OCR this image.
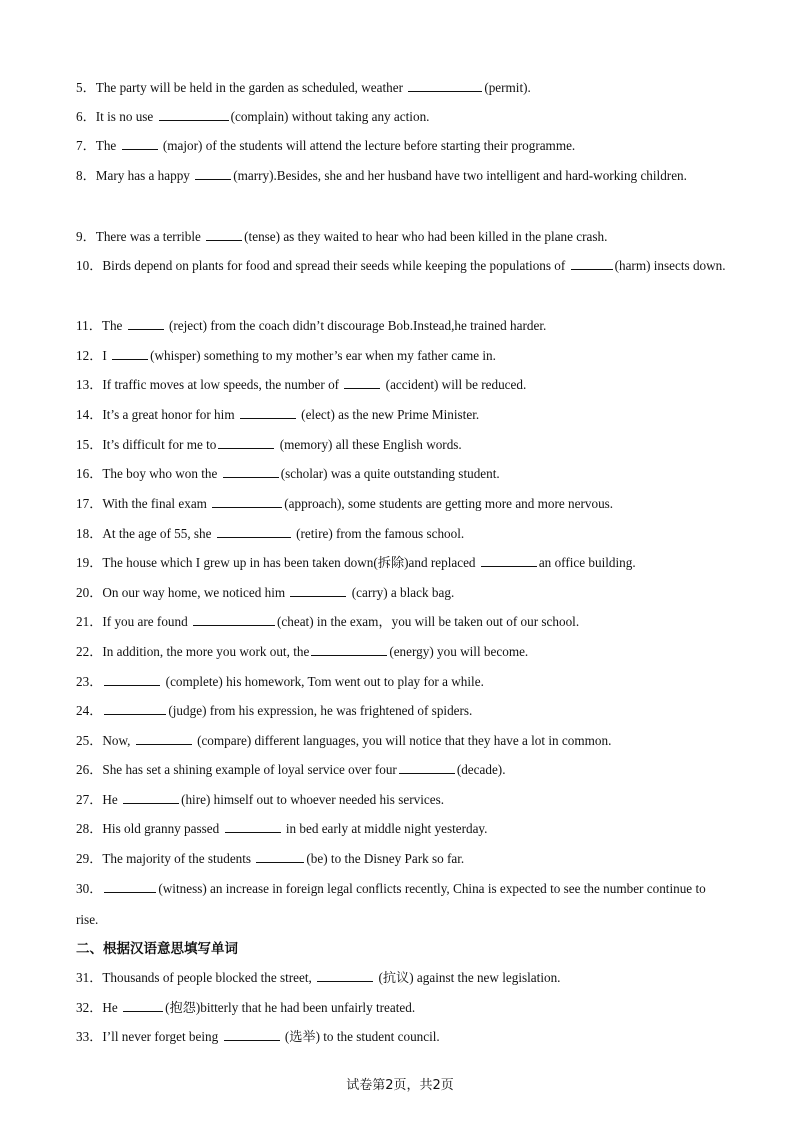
5．The party will be held in the garden as scheduled, weather	(permit).
6．It is no use	(complain) without taking any action.
7．The	(major) of the students will attend the lecture before starting their programme.
8．Mary has a happy	(marry).Besides, she and her husband have two intelligent and hard-working children.
9．There was a terrible	(tense) as they waited to hear who had been killed in the plane crash.
10．Birds depend on plants for food and spread their seeds while keeping the populations of	(harm) insects down.
11．The	(reject) from the coach didn’t discourage Bob.Instead,he trained harder.
12．I	(whisper) something to my mother’s ear when my father came in.
13．If traffic moves at low speeds, the number of	(accident) will be reduced.
14．It’s a great honor for him	(elect) as the new Prime Minister.
15．It’s difficult for me to	(memory) all these English words.
16．The boy who won the	(scholar) was a quite outstanding student.
17．With the final exam	(approach), some students are getting more and more nervous.
18．At the age of 55, she	(retire) from the famous school.
19．The house which I grew up in has been taken down(拆除)and replaced	an office building.
20．On our way home, we noticed him	(carry) a black bag.
21．If you are found	(cheat) in the exam，you will be taken out of our school.
22．In addition, the more you work out, the	(energy) you will become.
23．	(complete) his homework, Tom went out to play for a while.
24．	(judge) from his expression, he was frightened of spiders.
25．Now,	(compare) different languages, you will notice that they have a lot in common.
26．She has set a shining example of loyal service over four	(decade).
27．He	(hire) himself out to whoever needed his services.
28．His old granny passed	in bed early at middle night yesterday.
29．The majority of the students	(be) to the Disney Park so far.
30．	(witness) an increase in foreign legal conflicts recently, China is expected to see the number continue to rise.
二、根据汉语意思填写单词
31．Thousands of people blocked the street,	(抗议) against the new legislation.
32．He	(抱怨)bitterly that he had been unfairly treated.
33．I’ll never forget being	(选举) to the student council.
试卷第2页，共2页
